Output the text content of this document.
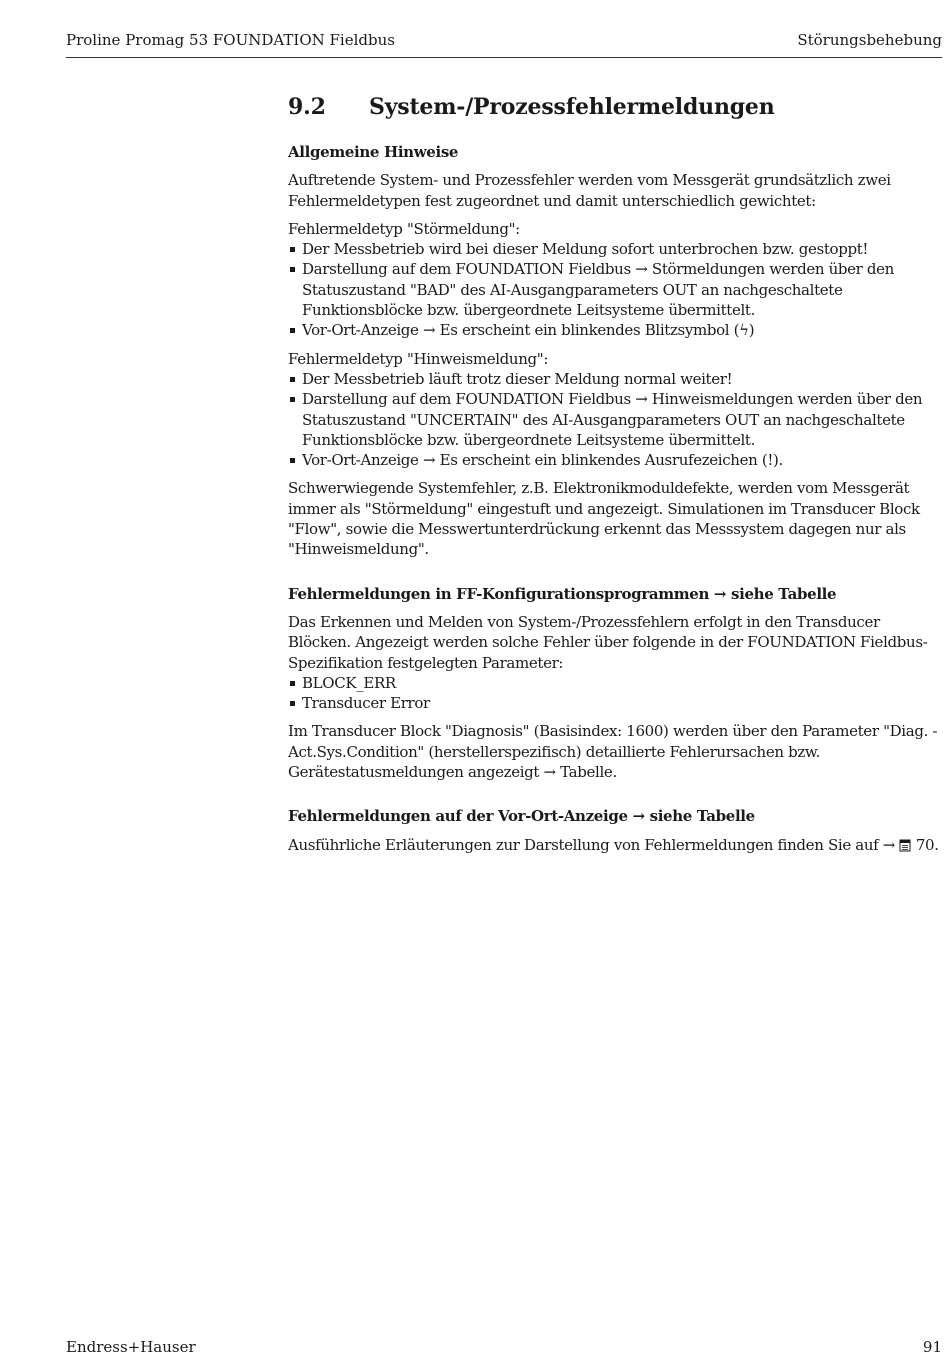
Proline Promag 53 FOUNDATION Fieldbus	Störungsbehebung
9.2	System-/Prozessfehlermeldungen
Allgemeine Hinweise

Auftretende System- und Prozessfehler werden vom Messgerät grundsätzlich zwei Fehlermeldetypen fest zugeordnet und damit unterschiedlich gewichtet:

Fehlermeldetyp "Störmeldung":
Der Messbetrieb wird bei dieser Meldung sofort unterbrochen bzw. gestoppt!
Darstellung auf dem FOUNDATION Fieldbus → Störmeldungen werden über den Statuszustand "BAD" des AI-Ausgangparameters OUT an nachgeschaltete Funktionsblöcke bzw. übergeordnete Leitsysteme übermittelt.
Vor-Ort-Anzeige → Es erscheint ein blinkendes Blitzsymbol (ϟ)
Fehlermeldetyp "Hinweismeldung":
Der Messbetrieb läuft trotz dieser Meldung normal weiter!
Darstellung auf dem FOUNDATION Fieldbus → Hinweismeldungen werden über den Statuszustand "UNCERTAIN" des AI-Ausgangparameters OUT an nachgeschaltete Funktionsblöcke bzw. übergeordnete Leitsysteme übermittelt.
Vor-Ort-Anzeige → Es erscheint ein blinkendes Ausrufezeichen (!).

Schwerwiegende Systemfehler, z.B. Elektronikmoduldefekte, werden vom Messgerät immer als "Störmeldung" eingestuft und angezeigt. Simulationen im Transducer Block "Flow", sowie die Messwertunterdrückung erkennt das Messsystem dagegen nur als "Hinweismeldung".

Fehlermeldungen in FF-Konfigurationsprogrammen → siehe Tabelle

Das Erkennen und Melden von System-/Prozessfehlern erfolgt in den Transducer Blöcken. Angezeigt werden solche Fehler über folgende in der FOUNDATION Fieldbus-Spezifikation festgelegten Parameter:

BLOCK_ERR
Transducer Error

Im Transducer Block "Diagnosis" (Basisindex: 1600) werden über den Parameter "Diag. - Act.Sys.Condition" (herstellerspezifisch) detaillierte Fehlerursachen bzw. Gerätestatusmeldungen angezeigt → Tabelle.

Fehlermeldungen auf der Vor-Ort-Anzeige → siehe Tabelle

Ausführliche Erläuterungen zur Darstellung von Fehlermeldungen finden Sie auf → 70.

Endress+Hauser	91
